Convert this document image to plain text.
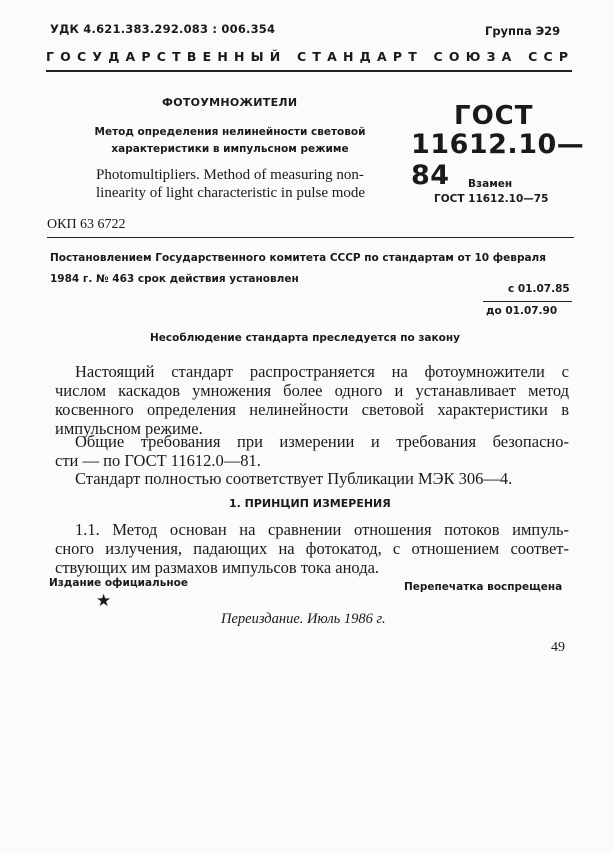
УДК 4.621.383.292.083 : 006.354	Группа Э29
ГОСУДАРСТВЕННЫЙ СТАНДАРТ СОЮЗА ССР
ФОТОУМНОЖИТЕЛИ
Метод определения нелинейности световой
характеристики в импульсном режиме
Photomultipliers. Method of measuring non-
linearity of light characteristic in pulse mode
ГОСТ
11612.10—84	Взамен
ГОСТ 11612.10—75
ОКП 63 6722
Постановлением Государственного комитета СССР по стандартам от 10 февраля
1984 г. № 463 срок действия установлен
с 01.07.85
до 01.07.90
Несоблюдение стандарта преследуется по закону
Настоящий стандарт распространяется на фотоумножители с
числом каскадов умножения более одного и устанавливает метод
косвенного определения нелинейности световой характеристики в
импульсном режиме.
Общие требования при измерении и требования безопасно-
сти — по ГОСТ 11612.0—81.
Стандарт полностью соответствует Публикации МЭК 306—4.
1. ПРИНЦИП ИЗМЕРЕНИЯ
1.1. Метод основан на сравнении отношения потоков импуль-
сного излучения, падающих на фотокатод, с отношением соответ-
ствующих им размахов импульсов тока анода.
Издание официальное	Перепечатка воспрещена
★
Переиздание. Июль 1986 г.
49
